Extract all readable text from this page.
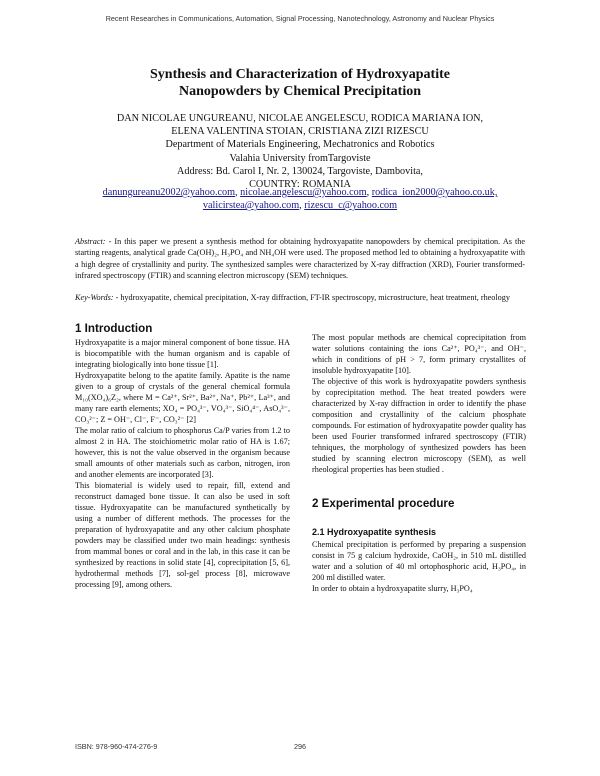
Recent Researches in Communications, Automation, Signal Processing, Nanotechnology, Astronomy and Nuclear Physics
Synthesis and Characterization of Hydroxyapatite
Nanopowders by Chemical Precipitation
DAN NICOLAE UNGUREANU, NICOLAE ANGELESCU, RODICA MARIANA ION,
ELENA VALENTINA STOIAN, CRISTIANA ZIZI RIZESCU
Department of Materials Engineering, Mechatronics and Robotics
Valahia University fromTargoviste
Address: Bd. Carol I, Nr. 2, 130024, Targoviste, Dambovita,
COUNTRY: ROMANIA
danungureanu2002@yahoo.com, nicolae.angelescu@yahoo.com, rodica_ion2000@yahoo.co.uk,
valicirstea@yahoo.com, rizescu_c@yahoo.com
Abstract: - In this paper we present a synthesis method for obtaining hydroxyapatite nanopowders by chemical precipitation. As the starting reagents, analytical grade Ca(OH)₂, H₃PO₄ and NH₄OH were used. The proposed method led to obtaining a hydroxyapatite with a high degree of crystallinity and purity. The synthesized samples were characterized by X-ray diffraction (XRD), Fourier transformed-infrared spectroscopy (FTIR) and scanning electron microscopy (SEM) techniques.
Key-Words: - hydroxyapatite, chemical precipitation, X-ray diffraction, FT-IR spectroscopy, microstructure, heat treatment, rheology
1 Introduction

Hydroxyapatite is a major mineral component of bone tissue. HA is biocompatible with the human organism and is capable of integrating biologically into bone tissue [1].

Hydroxyapatite belong to the apatite family. Apatite is the name given to a group of crystals of the general chemical formula M₁₀(XO₄)₆Z₂, where M = Ca²⁺, Sr²⁺, Ba²⁺, Na⁺, Pb²⁺, La³⁺, and many rare earth elements; XO₄ = PO₄³⁻, VO₄³⁻, SiO₄⁴⁻, AsO₄³⁻, CO₃²⁻; Z = OH⁻, Cl⁻, F⁻, CO₃²⁻ [2]

The molar ratio of calcium to phosphorus Ca/P varies from 1.2 to almost 2 in HA. The stoichiometric molar ratio of HA is 1.67; however, this is not the value observed in the organism because small amounts of other materials such as carbon, nitrogen, iron and another elements are incorporated [3].

This biomaterial is widely used to repair, fill, extend and reconstruct damaged bone tissue. It can also be used in soft tissue. Hydroxyapatite can be manufactured synthetically by using a number of different methods. The processes for the preparation of hydroxyapatite and any other calcium phosphate powders may be classified under two main headings: synthesis from mammal bones or coral and in the lab, in this case it can be synthesized by reactions in solid state [4], coprecipitation [5, 6], hydrothermal methods [7], sol-gel process [8], microwave processing [9], among others.

The most popular methods are chemical coprecipitation from water solutions containing the ions Ca²⁺, PO₄³⁻, and OH⁻, which in conditions of pH > 7, form primary crystallites of insoluble hydroxyapatite [10].

The objective of this work is hydroxyapatite powders synthesis by coprecipitation method. The heat treated powders were characterized by X-ray diffraction in order to identify the phase composition and crystallinity of the calcium phosphate compounds. For estimation of hydroxyapatite powder quality has been used Fourier transformed infrared spectroscopy (FTIR) tehniques, the morphology of synthesized powders has been studied by scanning electron microscopy (SEM), as well rheological properties has been studied .

2 Experimental procedure
2.1 Hydroxyapatite synthesis

Chemical precipitation is performed by preparing a suspension consist in 75 g calcium hydroxide, CaOH₂, in 510 mL distilled water and a solution of 40 ml ortophosphoric acid, H₃PO₄, in 200 ml distilled water.

In order to obtain a hydroxyapatite slurry, H₃PO₄

ISBN: 978-960-474-276-9	296
